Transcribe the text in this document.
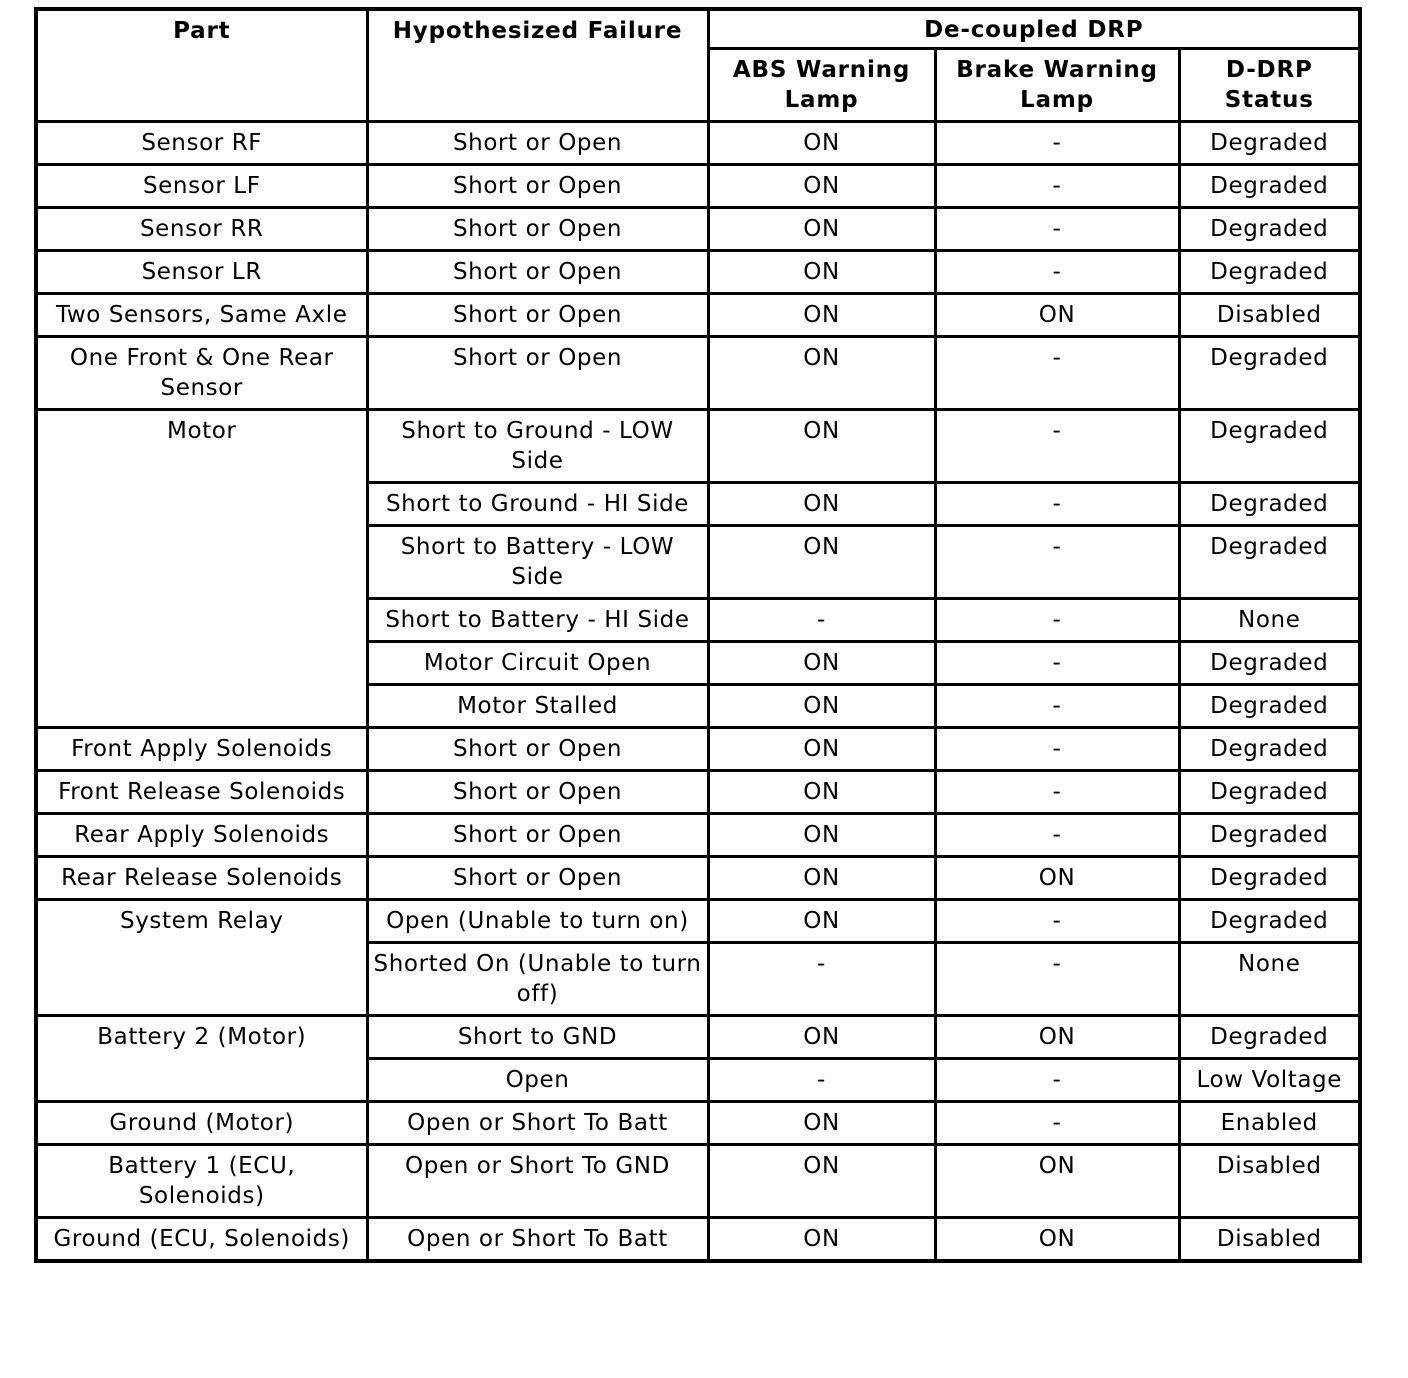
Part	Hypothesized Failure	De-coupled DRP		
		ABS Warning Lamp	Brake Warning Lamp	D-DRP Status
Sensor RF	Short or Open	ON	-	Degraded
Sensor LF	Short or Open	ON	-	Degraded
Sensor RR	Short or Open	ON	-	Degraded
Sensor LR	Short or Open	ON	-	Degraded
Two Sensors, Same Axle	Short or Open	ON	ON	Disabled
One Front & One Rear Sensor	Short or Open	ON	-	Degraded
Motor	Short to Ground - LOW Side	ON	-	Degraded
	Short to Ground - HI Side	ON	-	Degraded
	Short to Battery - LOW Side	ON	-	Degraded
	Short to Battery - HI Side	-	-	None
	Motor Circuit Open	ON	-	Degraded
	Motor Stalled	ON	-	Degraded
Front Apply Solenoids	Short or Open	ON	-	Degraded
Front Release Solenoids	Short or Open	ON	-	Degraded
Rear Apply Solenoids	Short or Open	ON	-	Degraded
Rear Release Solenoids	Short or Open	ON	ON	Degraded
System Relay	Open (Unable to turn on)	ON	-	Degraded
	Shorted On (Unable to turn off)	-	-	None
Battery 2 (Motor)	Short to GND	ON	ON	Degraded
	Open	-	-	Low Voltage
Ground (Motor)	Open or Short To Batt	ON	-	Enabled
Battery 1 (ECU, Solenoids)	Open or Short To GND	ON	ON	Disabled
Ground (ECU, Solenoids)	Open or Short To Batt	ON	ON	Disabled
